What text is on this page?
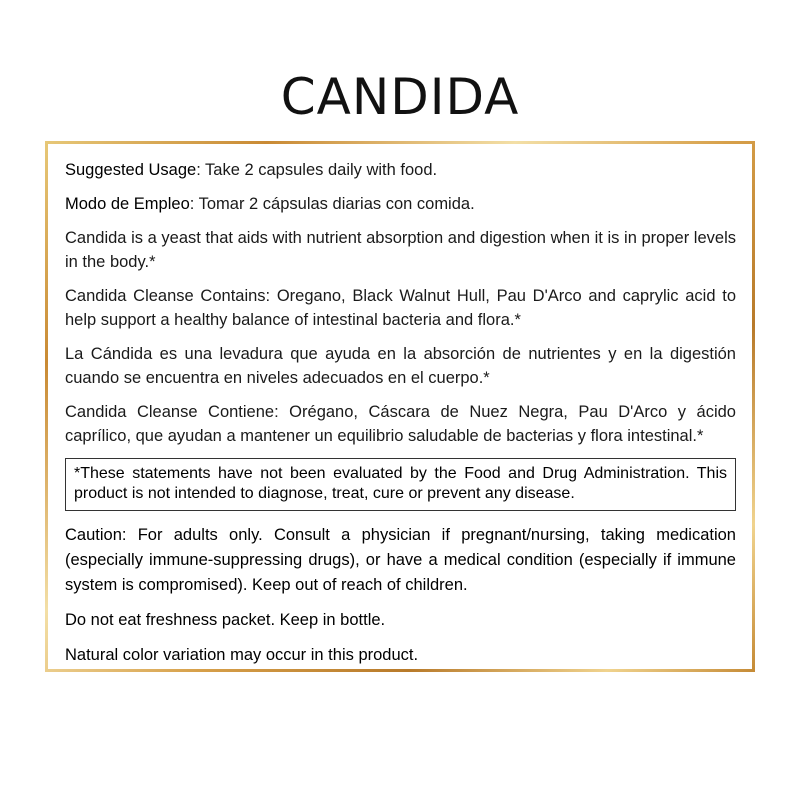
CANDIDA

Suggested Usage: Take 2 capsules daily with food.

Modo de Empleo: Tomar 2 cápsulas diarias con comida.

Candida is a yeast that aids with nutrient absorption and digestion when it is in proper levels in the body.*

Candida Cleanse Contains: Oregano, Black Walnut Hull, Pau D'Arco and caprylic acid to help support a healthy balance of intestinal bacteria and flora.*

La Cándida es una levadura que ayuda en la absorción de nutrientes y en la digestión cuando se encuentra en niveles adecuados en el cuerpo.*

Candida Cleanse Contiene: Orégano, Cáscara de Nuez Negra, Pau D'Arco y ácido caprílico, que ayudan a mantener un equilibrio saludable de bacterias y flora intestinal.*

*These statements have not been evaluated by the Food and Drug Administration. This product is not intended to diagnose, treat, cure or prevent any disease.

Caution: For adults only. Consult a physician if pregnant/nursing, taking medication (especially immune-suppressing drugs), or have a medical condition (especially if immune system is compromised). Keep out of reach of children.

Do not eat freshness packet. Keep in bottle.

Natural color variation may occur in this product.
